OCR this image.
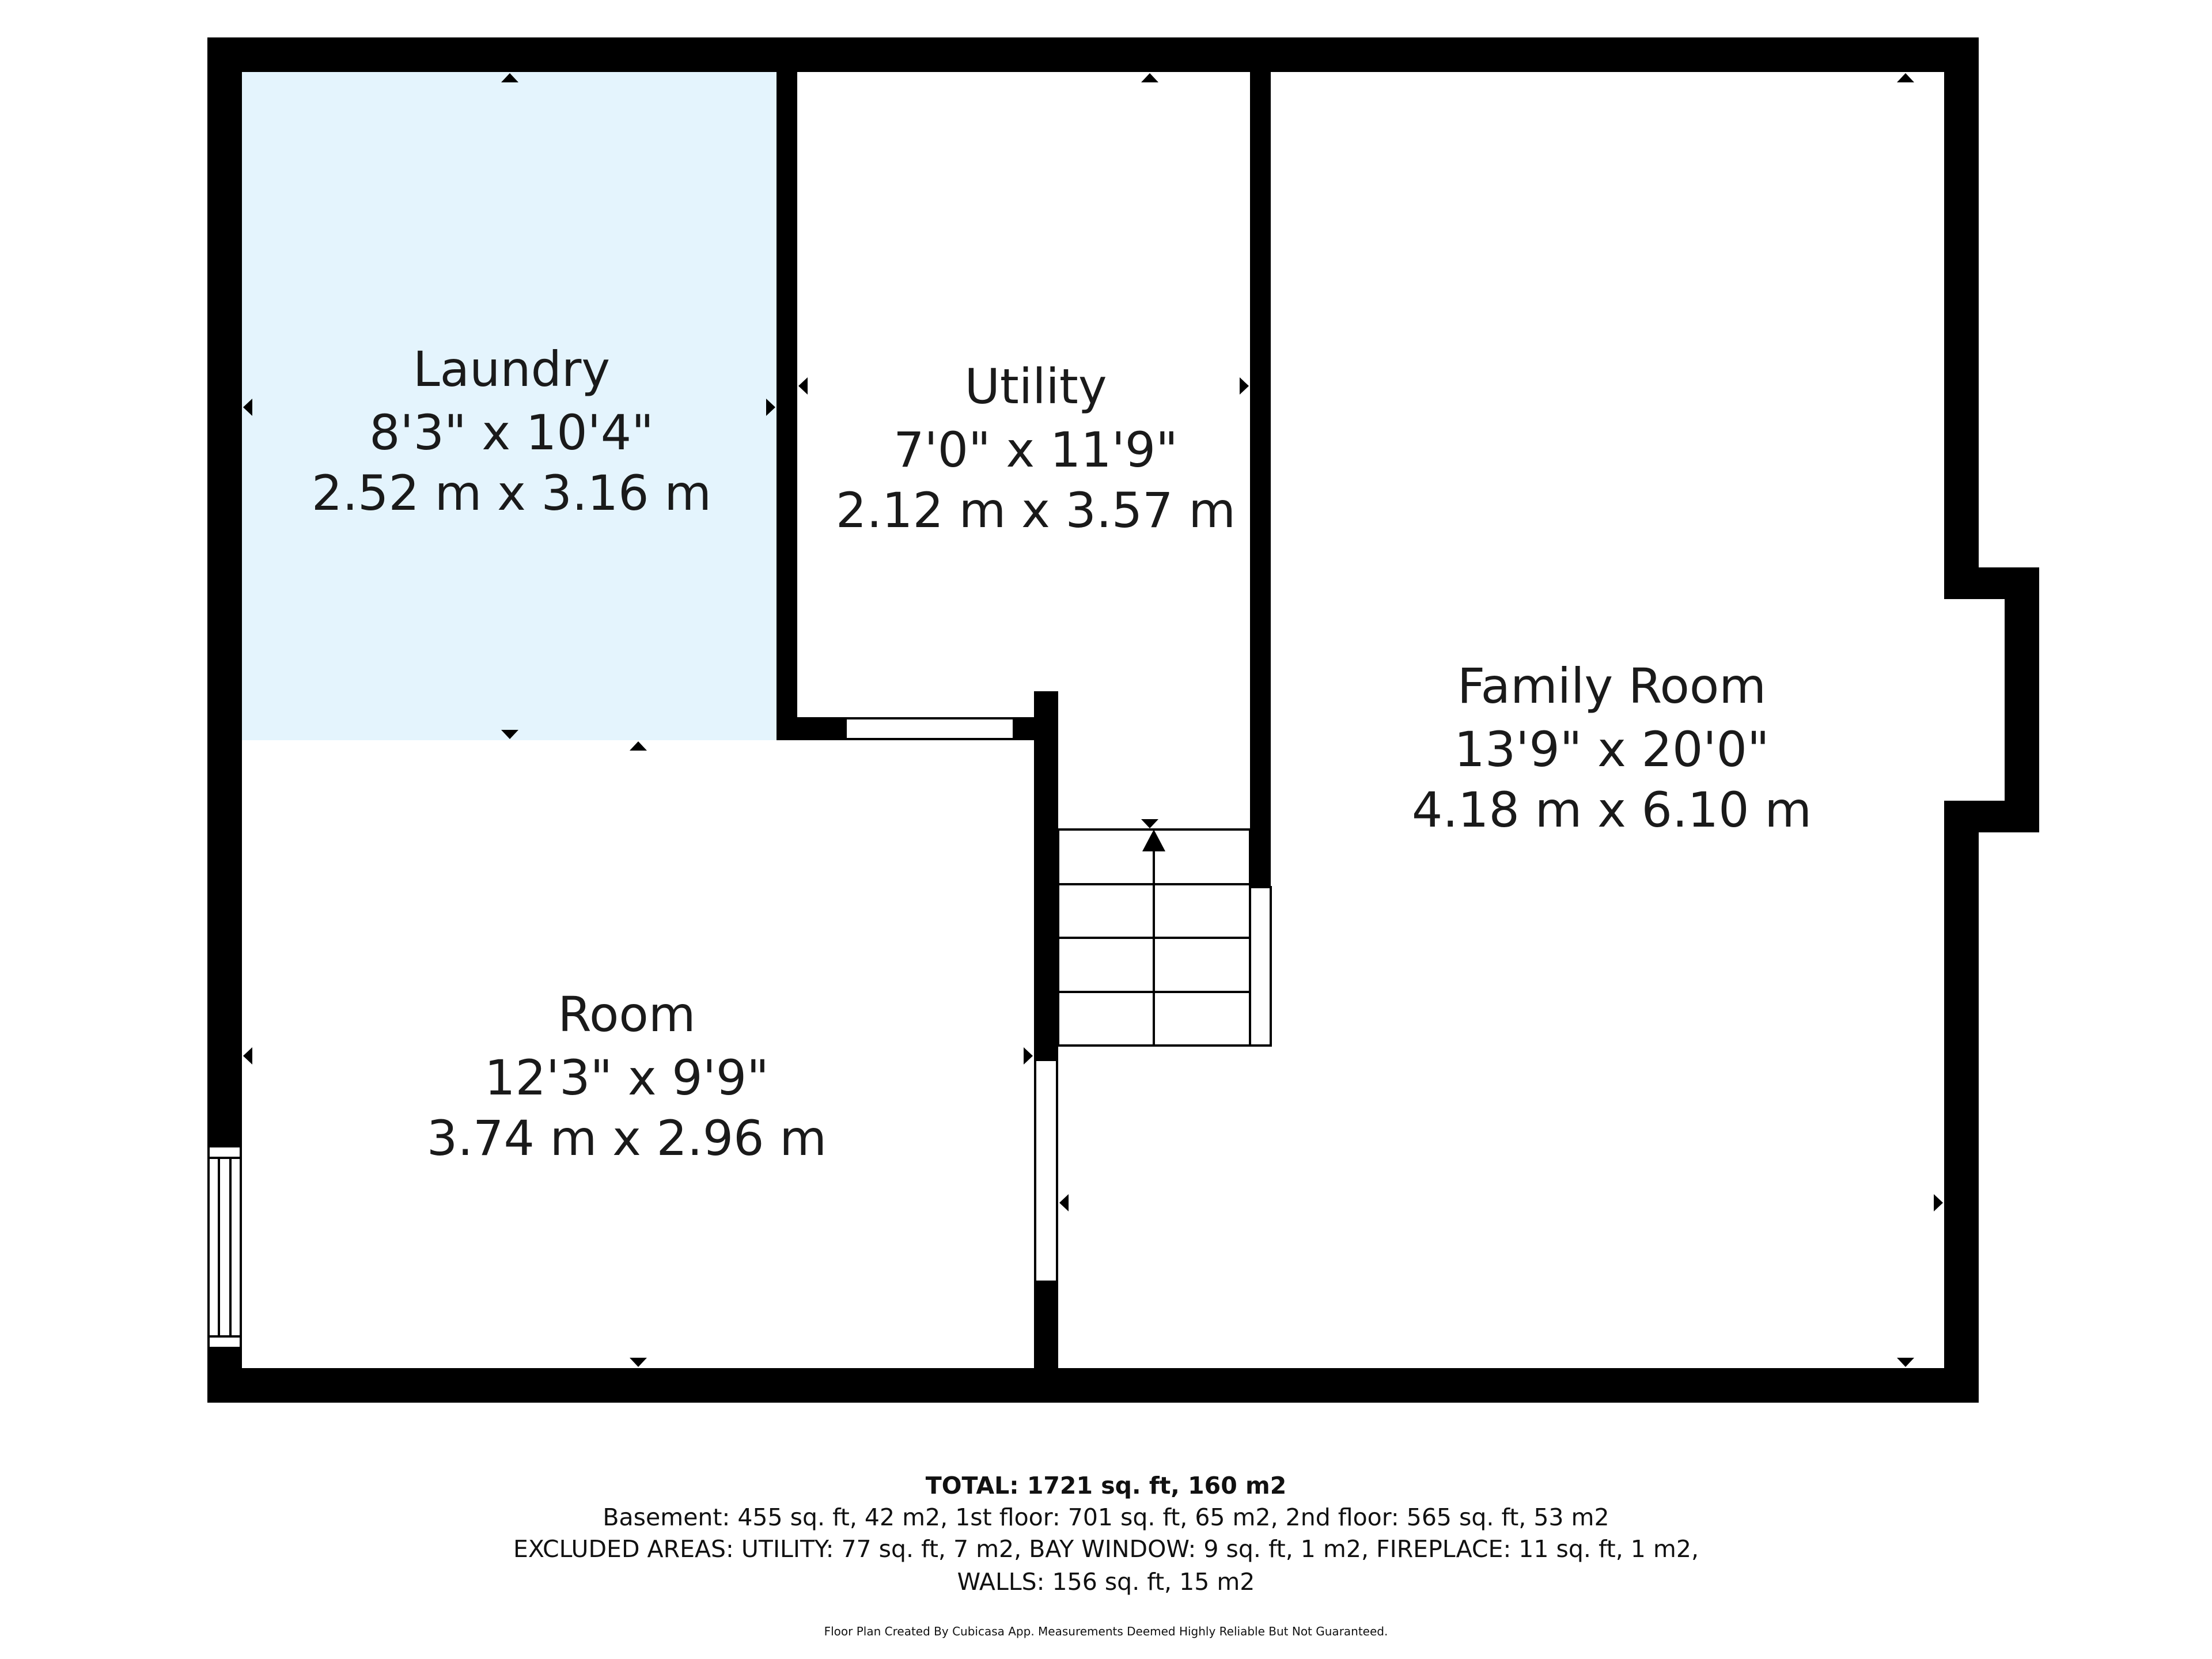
Laundry
8'3" x 10'4"
2.52 m x 3.16 m
Utility
7'0" x 11'9"
2.12 m x 3.57 m
Family Room
13'9" x 20'0"
4.18 m x 6.10 m
Room
12'3" x 9'9"
3.74 m x 2.96 m
TOTAL: 1721 sq. ft, 160 m2
Basement: 455 sq. ft, 42 m2, 1st floor: 701 sq. ft, 65 m2, 2nd floor: 565 sq. ft, 53 m2
EXCLUDED AREAS: UTILITY: 77 sq. ft, 7 m2, BAY WINDOW: 9 sq. ft, 1 m2, FIREPLACE: 11 sq. ft, 1 m2,
WALLS: 156 sq. ft, 15 m2
Floor Plan Created By Cubicasa App. Measurements Deemed Highly Reliable But Not Guaranteed.
